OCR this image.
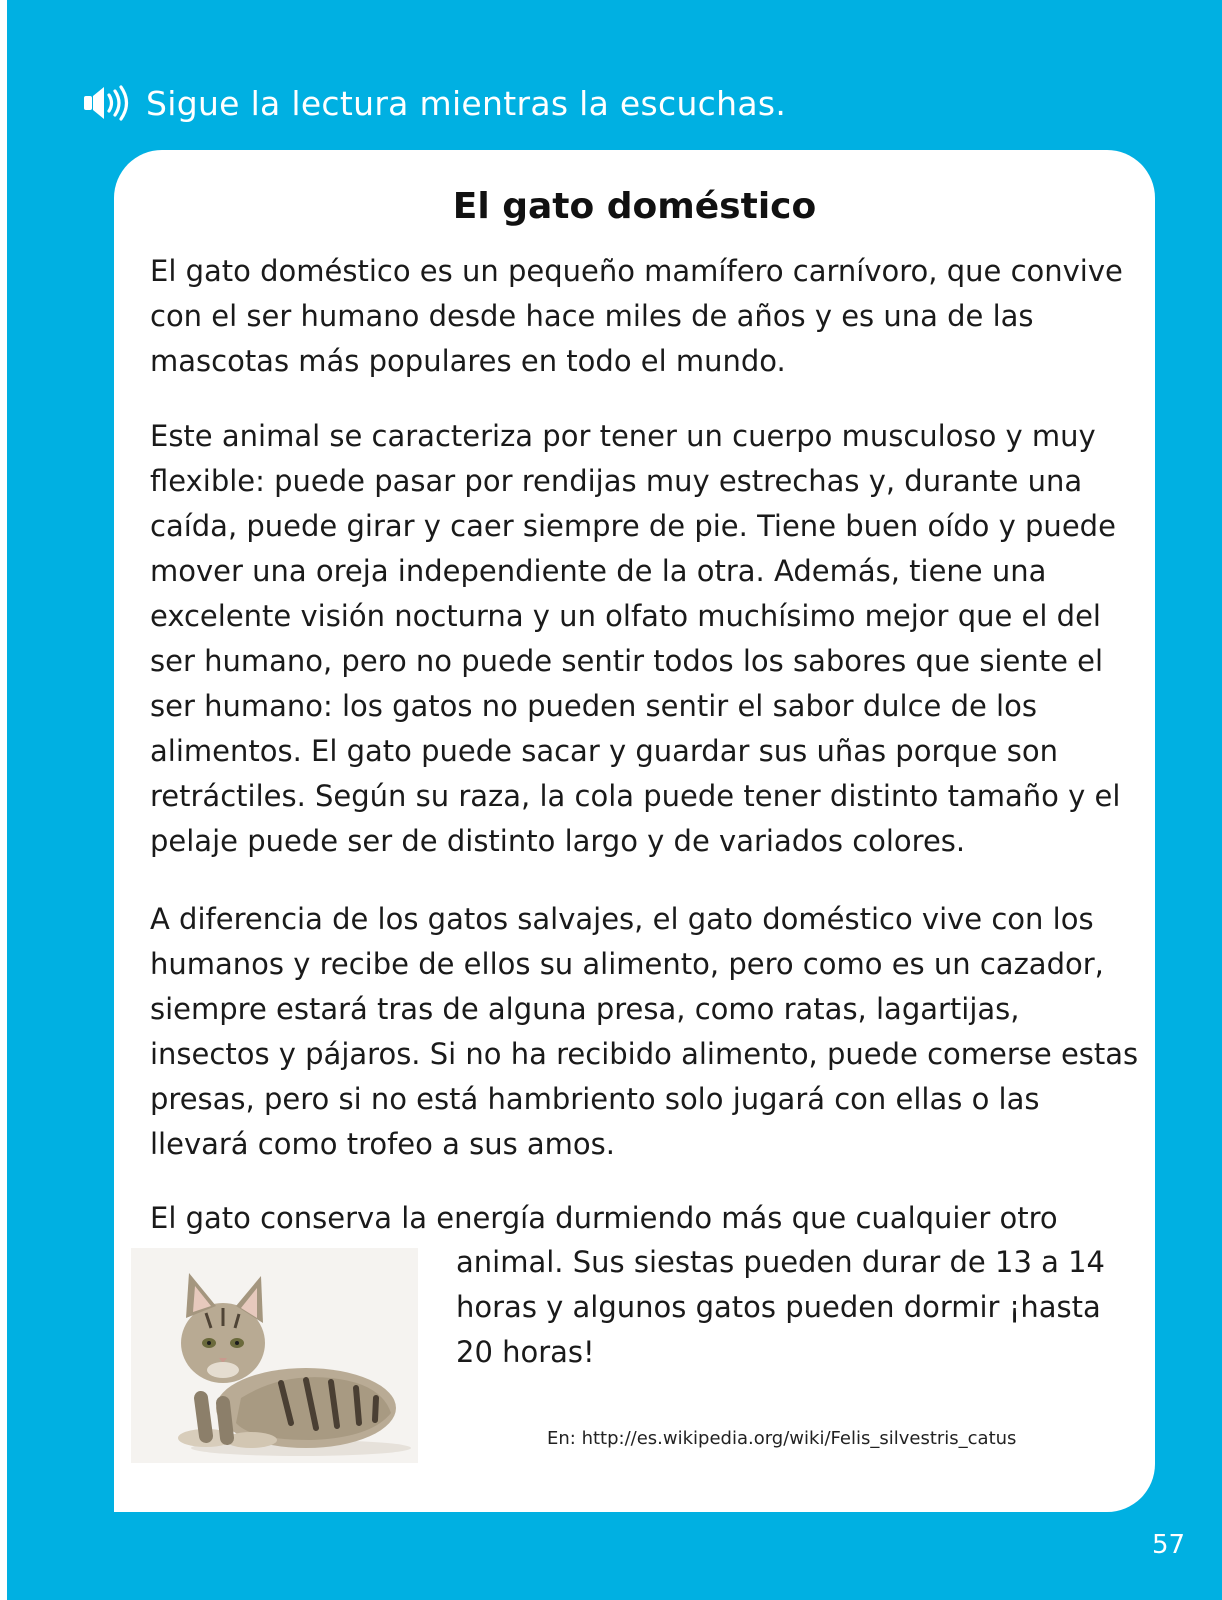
Sigue la lectura mientras la escuchas.
El gato doméstico

El gato doméstico es un pequeño mamífero carnívoro, que convive con el ser humano desde hace miles de años y es una de las mascotas más populares en todo el mundo.

Este animal se caracteriza por tener un cuerpo musculoso y muy flexible: puede pasar por rendijas muy estrechas y, durante una caída, puede girar y caer siempre de pie. Tiene buen oído y puede mover una oreja independiente de la otra. Además, tiene una excelente visión nocturna y un olfato muchísimo mejor que el del ser humano, pero no puede sentir todos los sabores que siente el ser humano: los gatos no pueden sentir el sabor dulce de los alimentos. El gato puede sacar y guardar sus uñas porque son retráctiles. Según su raza, la cola puede tener distinto tamaño y el pelaje puede ser de distinto largo y de variados colores.

A diferencia de los gatos salvajes, el gato doméstico vive con los humanos y recibe de ellos su alimento, pero como es un cazador, siempre estará tras de alguna presa, como ratas, lagartijas, insectos y pájaros. Si no ha recibido alimento, puede comerse estas presas, pero si no está hambriento solo jugará con ellas o las llevará como trofeo a sus amos.

El gato conserva la energía durmiendo más que cualquier otro

animal. Sus siestas pueden durar de 13 a 14 horas y algunos gatos pueden dormir ¡hasta 20 horas!

En: http://es.wikipedia.org/wiki/Felis_silvestris_catus
57
